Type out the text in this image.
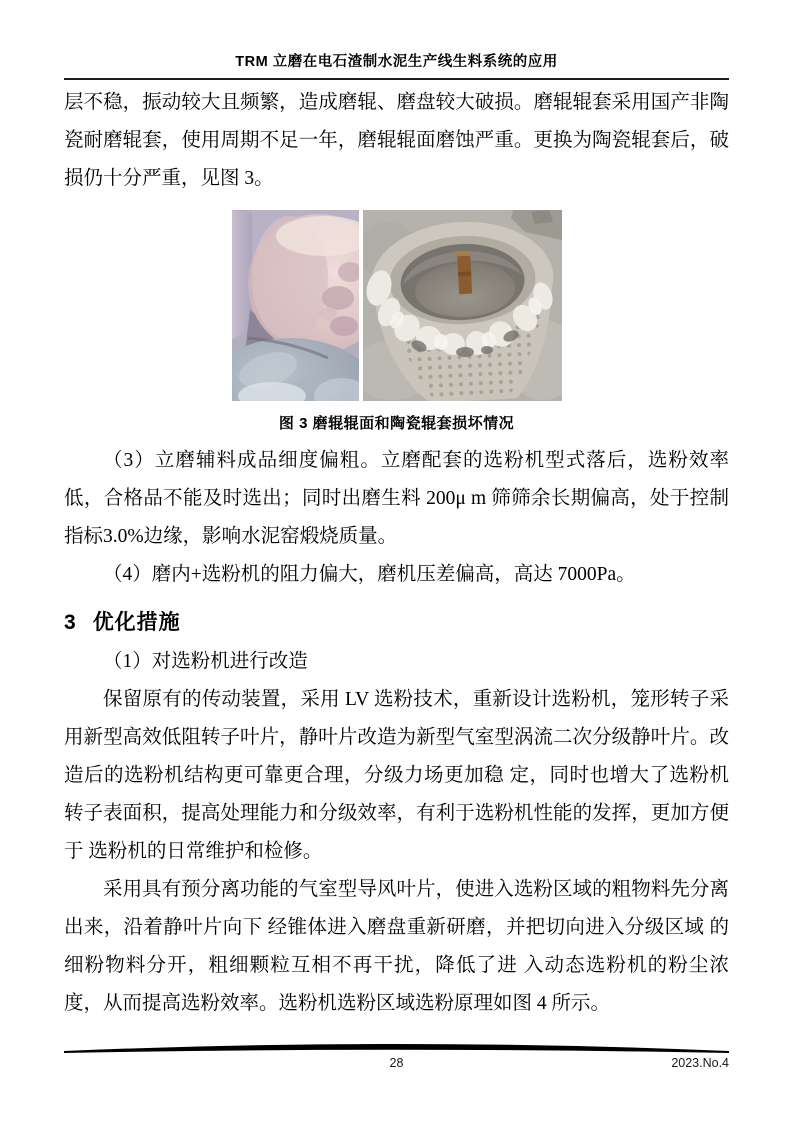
TRM 立磨在电石渣制水泥生产线生料系统的应用

层不稳，振动较大且频繁，造成磨辊、磨盘较大破损。磨辊辊套采用国产非陶瓷耐磨辊套，使用周期不足一年，磨辊辊面磨蚀严重。更换为陶瓷辊套后，破损仍十分严重，见图 3。

图 3 磨辊辊面和陶瓷辊套损坏情况

（3）立磨辅料成品细度偏粗。立磨配套的选粉机型式落后，选粉效率低，合格品不能及时选出；同时出磨生料 200μ m 筛筛余长期偏高，处于控制指标3.0%边缘，影响水泥窑煅烧质量。

（4）磨内+选粉机的阻力偏大，磨机压差偏高，高达 7000Pa。

3 优化措施

（1）对选粉机进行改造

保留原有的传动装置，采用 LV 选粉技术，重新设计选粉机，笼形转子采用新型高效低阻转子叶片，静叶片改造为新型气室型涡流二次分级静叶片。改造后的选粉机结构更可靠更合理，分级力场更加稳 定，同时也增大了选粉机转子表面积，提高处理能力和分级效率，有利于选粉机性能的发挥，更加方便于 选粉机的日常维护和检修。

采用具有预分离功能的气室型导风叶片，使进入选粉区域的粗物料先分离出来，沿着静叶片向下 经锥体进入磨盘重新研磨，并把切向进入分级区域 的细粉物料分开，粗细颗粒互相不再干扰，降低了进 入动态选粉机的粉尘浓度，从而提高选粉效率。选粉机选粉区域选粉原理如图 4 所示。

28	2023.No.4
